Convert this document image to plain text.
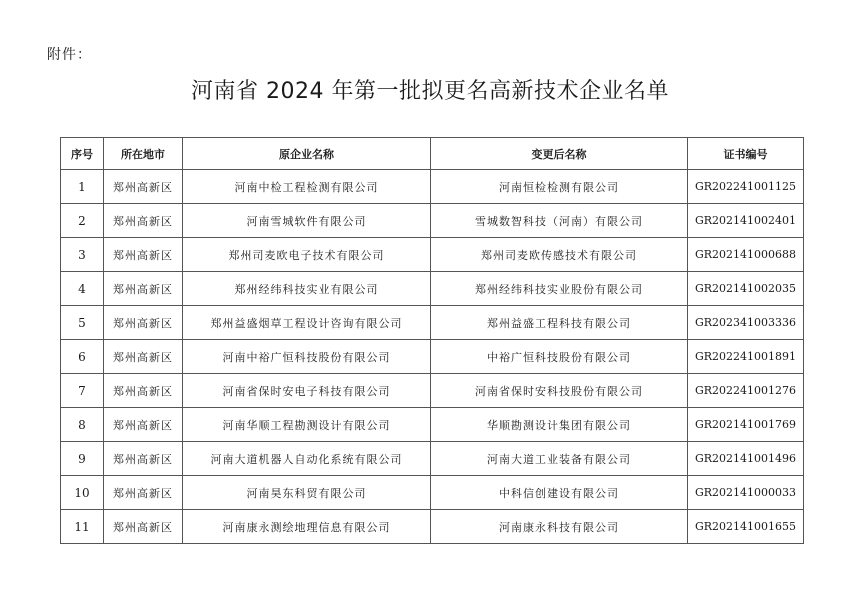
附件：
河南省 2024 年第一批拟更名高新技术企业名单
序号	所在地市	原企业名称	变更后名称	证书编号
1	郑州高新区	河南中检工程检测有限公司	河南恒检检测有限公司	GR202241001125
2	郑州高新区	河南雪城软件有限公司	雪城数智科技（河南）有限公司	GR202141002401
3	郑州高新区	郑州司麦欧电子技术有限公司	郑州司麦欧传感技术有限公司	GR202141000688
4	郑州高新区	郑州经纬科技实业有限公司	郑州经纬科技实业股份有限公司	GR202141002035
5	郑州高新区	郑州益盛烟草工程设计咨询有限公司	郑州益盛工程科技有限公司	GR202341003336
6	郑州高新区	河南中裕广恒科技股份有限公司	中裕广恒科技股份有限公司	GR202241001891
7	郑州高新区	河南省保时安电子科技有限公司	河南省保时安科技股份有限公司	GR202241001276
8	郑州高新区	河南华顺工程勘测设计有限公司	华顺勘测设计集团有限公司	GR202141001769
9	郑州高新区	河南大道机器人自动化系统有限公司	河南大道工业装备有限公司	GR202141001496
10	郑州高新区	河南昊东科贸有限公司	中科信创建设有限公司	GR202141000033
11	郑州高新区	河南康永测绘地理信息有限公司	河南康永科技有限公司	GR202141001655
